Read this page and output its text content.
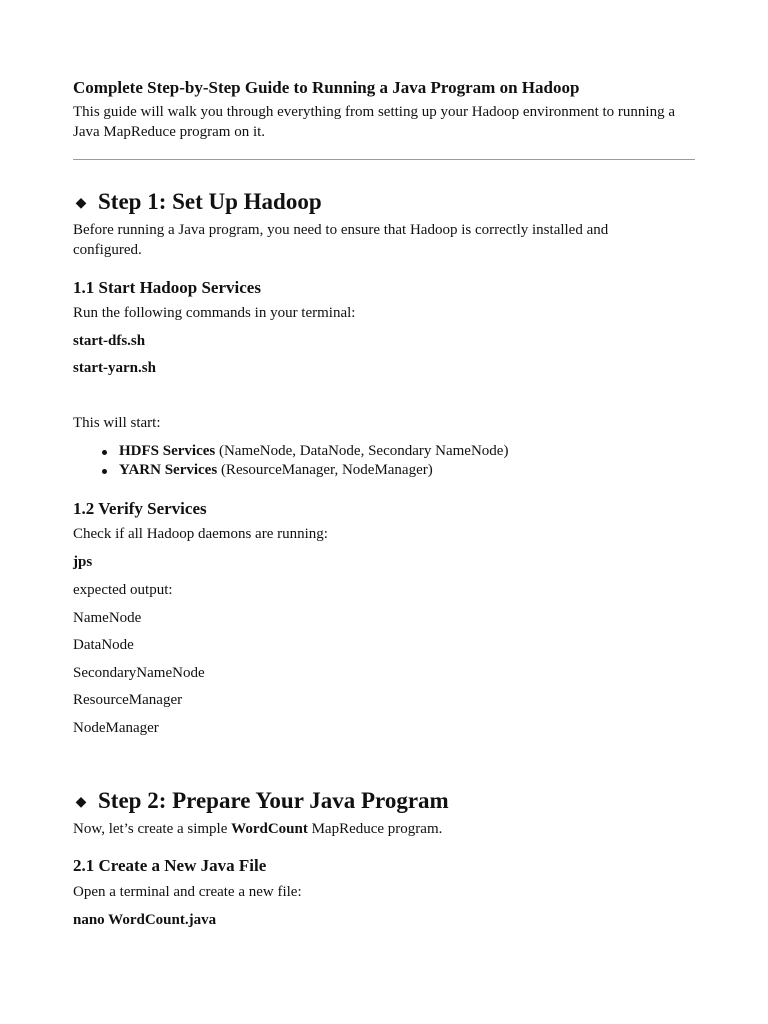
Complete Step-by-Step Guide to Running a Java Program on Hadoop
This guide will walk you through everything from setting up your Hadoop environment to running a Java MapReduce program on it.
◆ Step 1: Set Up Hadoop
Before running a Java program, you need to ensure that Hadoop is correctly installed and configured.
1.1 Start Hadoop Services
Run the following commands in your terminal:
start-dfs.sh
start-yarn.sh
This will start:
HDFS Services (NameNode, DataNode, Secondary NameNode)
YARN Services (ResourceManager, NodeManager)
1.2 Verify Services
Check if all Hadoop daemons are running:
jps
expected output:
NameNode
DataNode
SecondaryNameNode
ResourceManager
NodeManager
◆ Step 2: Prepare Your Java Program
Now, let’s create a simple WordCount MapReduce program.
2.1 Create a New Java File
Open a terminal and create a new file:
nano WordCount.java
